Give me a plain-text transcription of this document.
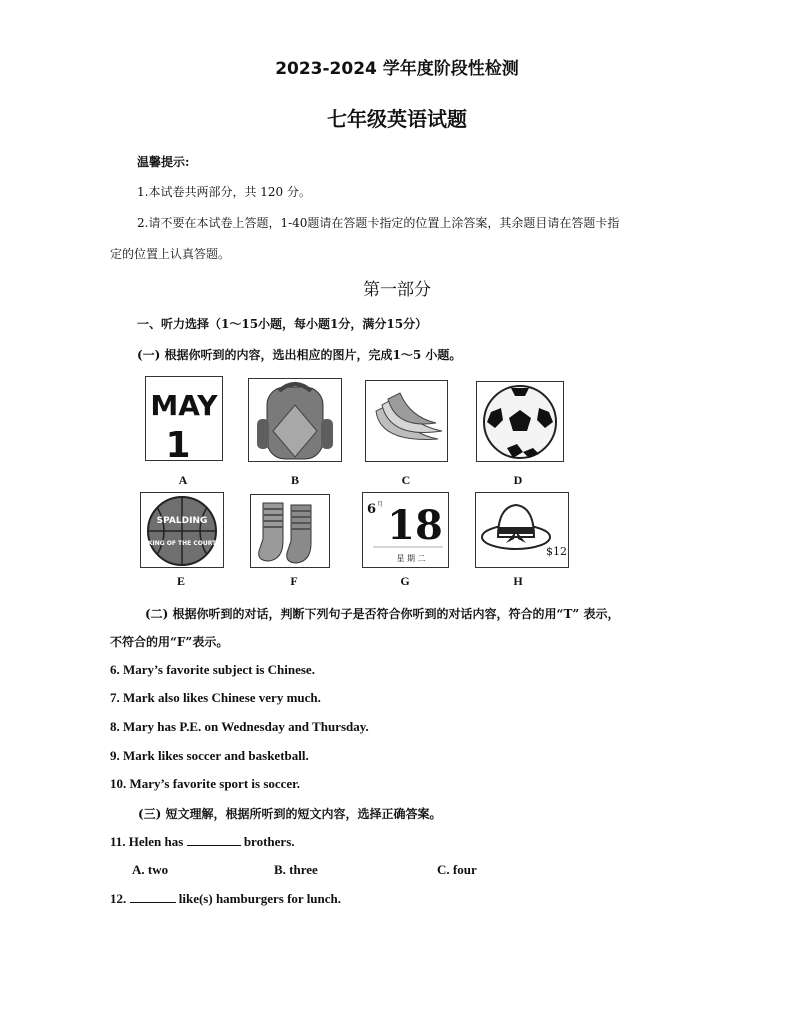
2023-2024 学年度阶段性检测
七年级英语试题
温馨提示:
1.本试卷共两部分，共 120 分。
2.请不要在本试卷上答题，1-40题请在答题卡指定的位置上涂答案，其余题目请在答题卡指
定的位置上认真答题。
第一部分
一、听力选择（1～15小题，每小题1分，满分15分）
(一) 根据你听到的内容，选出相应的图片，完成1～5 小题。
MAY
1
A	B	C	D
SPALDING
KING OF THE COURT
6 月 18
星 期 二
$12
E	F	G	H
(二) 根据你听到的对话，判断下列句子是否符合你听到的对话内容，符合的用“T” 表示，
不符合的用“F”表示。
6. Mary’s favorite subject is Chinese.
7. Mark also likes Chinese very much.
8. Mary has P.E. on Wednesday and Thursday.
9. Mark likes soccer and basketball.
10. Mary’s favorite sport is soccer.
(三) 短文理解，根据所听到的短文内容，选择正确答案。
11. Helen has	brothers.
A. two	B. three	C. four
12.	like(s) hamburgers for lunch.
